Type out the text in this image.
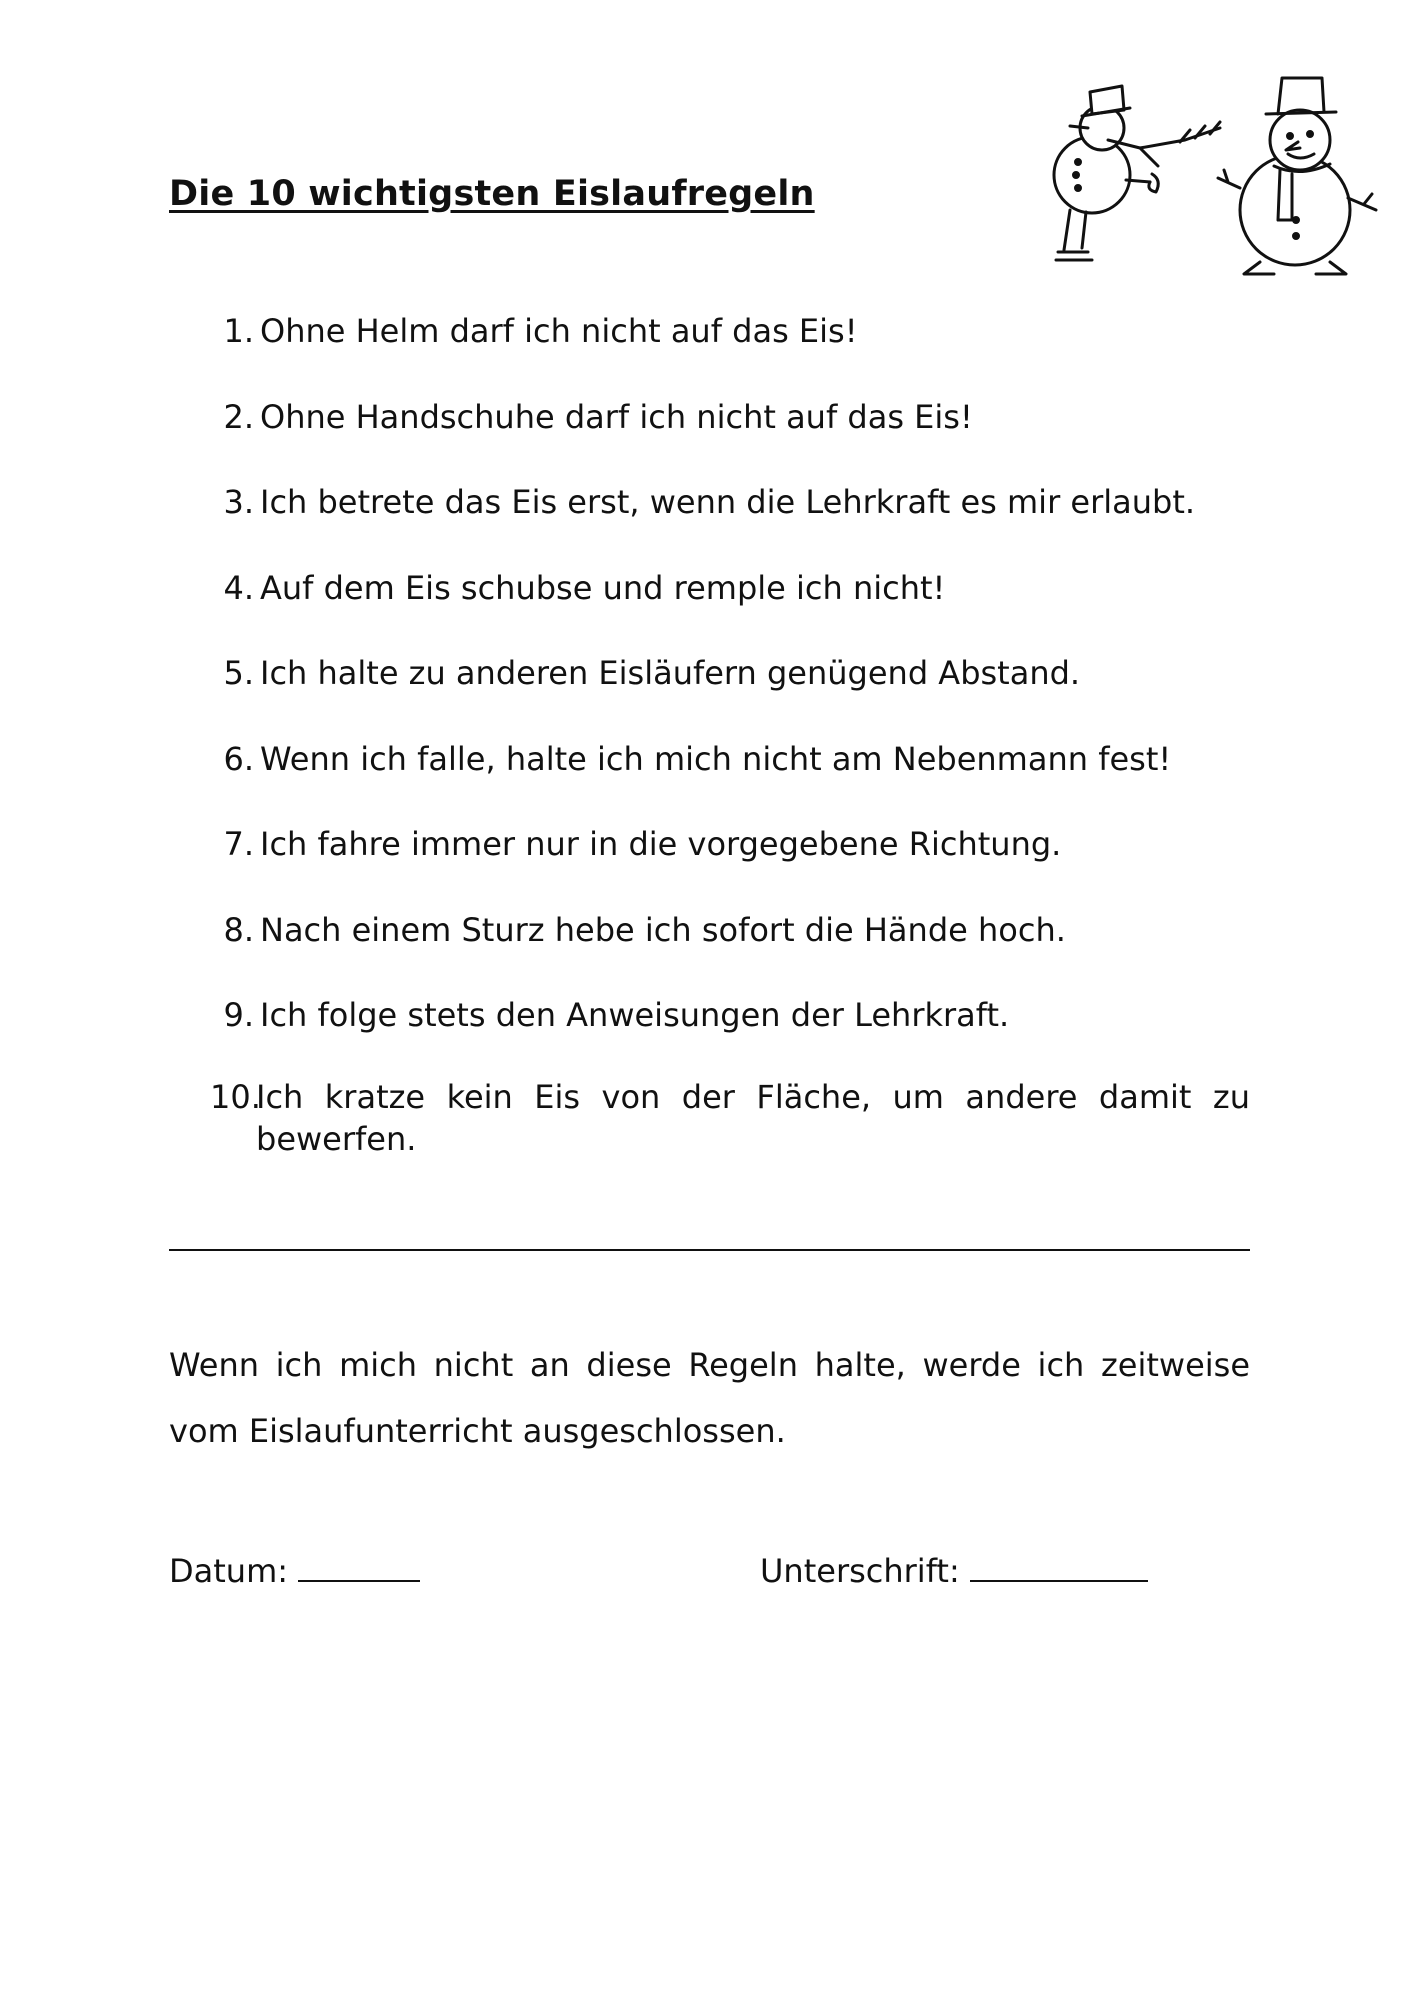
Die 10 wichtigsten Eislaufregeln
1. Ohne Helm darf ich nicht auf das Eis!
2. Ohne Handschuhe darf ich nicht auf das Eis!
3. Ich betrete das Eis erst, wenn die Lehrkraft es mir erlaubt.
4. Auf dem Eis schubse und remple ich nicht!
5. Ich halte zu anderen Eisläufern genügend Abstand.
6. Wenn ich falle, halte ich mich nicht am Nebenmann fest!
7. Ich fahre immer nur in die vorgegebene Richtung.
8. Nach einem Sturz hebe ich sofort die Hände hoch.
9. Ich folge stets den Anweisungen der Lehrkraft.
10.
Ich kratze kein Eis von der Fläche, um andere damit zu bewerfen.
Wenn ich mich nicht an diese Regeln halte, werde ich zeitweise vom Eislaufunterricht ausgeschlossen.
Datum:	Unterschrift:
